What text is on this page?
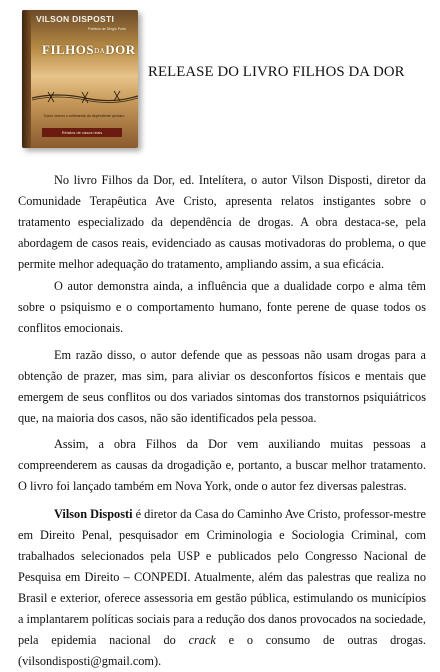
VILSON DISPOSTI
Prefácio de Sérgio Porto
FILHOSDADOR
Como vencer o sofrimento do dependente químico
Relatos de casos reais
RELEASE DO LIVRO FILHOS DA DOR

No livro Filhos da Dor, ed. Intelítera, o autor Vilson Disposti, diretor da Comunidade Terapêutica Ave Cristo, apresenta relatos instigantes sobre o tratamento especializado da dependência de drogas. A obra destaca-se, pela abordagem de casos reais, evidenciado as causas motivadoras do problema, o que permite melhor adequação do tratamento, ampliando assim, a sua eficácia.

O autor demonstra ainda, a influência que a dualidade corpo e alma têm sobre o psiquismo e o comportamento humano, fonte perene de quase todos os conflitos emocionais.

Em razão disso, o autor defende que as pessoas não usam drogas para a obtenção de prazer, mas sim, para aliviar os desconfortos físicos e mentais que emergem de seus conflitos ou dos variados sintomas dos transtornos psiquiátricos que, na maioria dos casos, não são identificados pela pessoa.

Assim, a obra Filhos da Dor vem auxiliando muitas pessoas a compreenderem as causas da drogadição e, portanto, a buscar melhor tratamento. O livro foi lançado também em Nova York, onde o autor fez diversas palestras.

Vilson Disposti é diretor da Casa do Caminho Ave Cristo, professor-mestre em Direito Penal, pesquisador em Criminologia e Sociologia Criminal, com trabalhados selecionados pela USP e publicados pelo Congresso Nacional de Pesquisa em Direito – CONPEDI. Atualmente, além das palestras que realiza no Brasil e exterior, oferece assessoria em gestão pública, estimulando os municípios a implantarem políticas sociais para a redução dos danos provocados na sociedade, pela epidemia nacional do crack e o consumo de outras drogas. (vilsondisposti@gmail.com).
